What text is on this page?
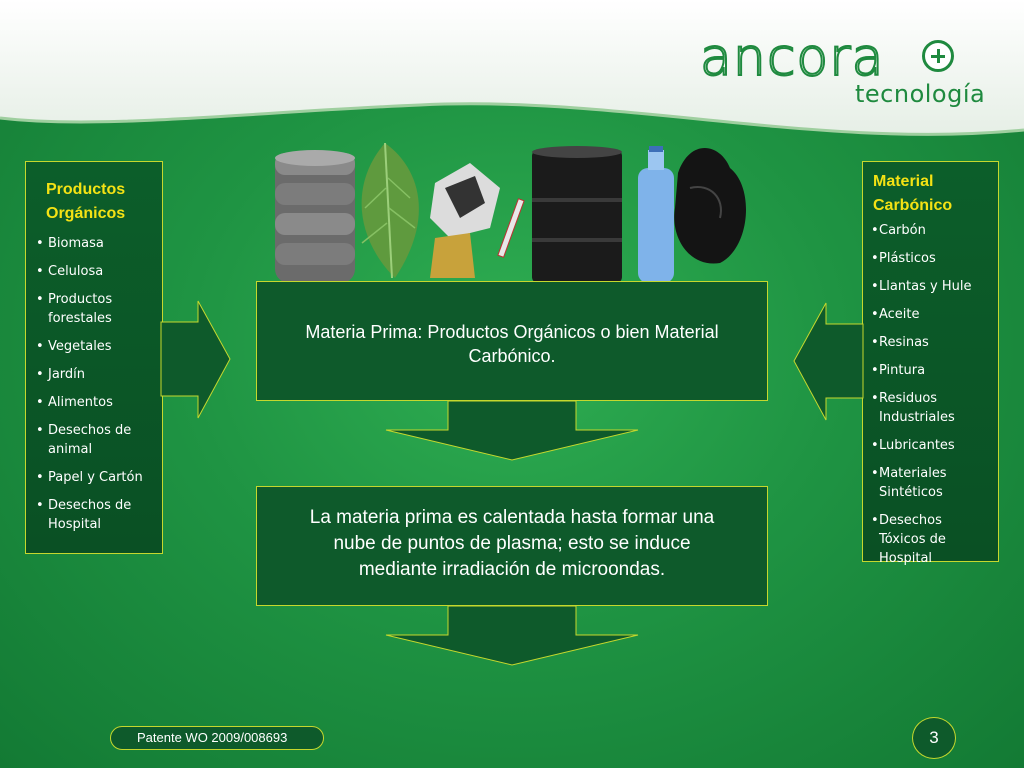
ancora
tecnología
Productos Orgánicos
• Biomasa
• Celulosa
• Productos forestales
• Vegetales
• Jardín
• Alimentos
• Desechos de animal
• Papel y Cartón
• Desechos de Hospital
Material Carbónico
• Carbón
• Plásticos
• Llantas y Hule
• Aceite
• Resinas
• Pintura
• Residuos Industriales
• Lubricantes
• Materiales Sintéticos
• Desechos Tóxicos de Hospital
Materia Prima: Productos Orgánicos o bien Material Carbónico.
La materia prima es calentada hasta formar una nube de puntos de plasma; esto se induce mediante irradiación de microondas.
Patente WO 2009/008693	3
